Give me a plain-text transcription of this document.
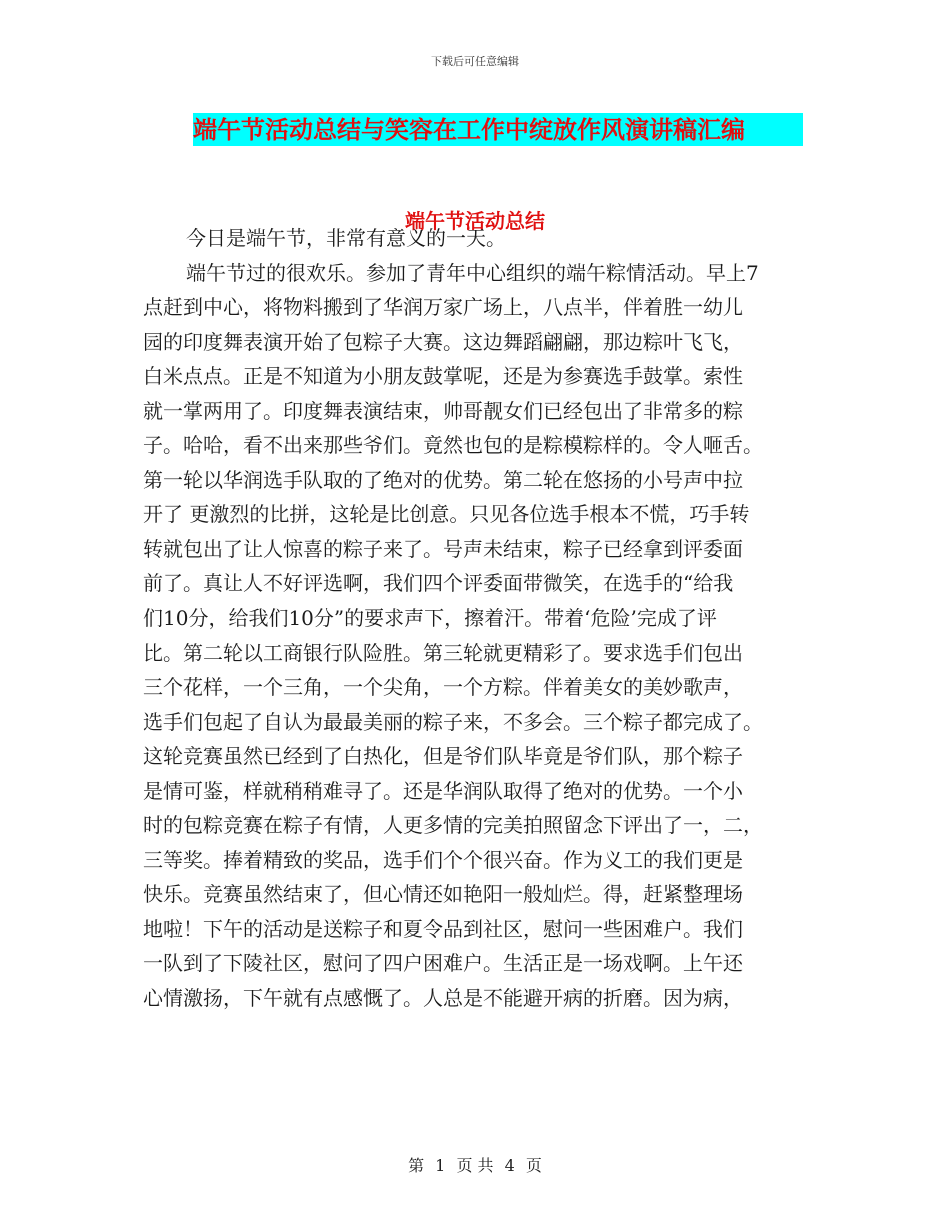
下载后可任意编辑
端午节活动总结与笑容在工作中绽放作风演讲稿汇编
端午节活动总结
今日是端午节，非常有意义的一天。
端午节过的很欢乐。参加了青年中心组织的端午粽情活动。早上7
点赶到中心，将物料搬到了华润万家广场上，八点半，伴着胜一幼儿
园的印度舞表演开始了包粽子大赛。这边舞蹈翩翩，那边粽叶飞飞，
白米点点。正是不知道为小朋友鼓掌呢，还是为参赛选手鼓掌。索性
就一掌两用了。印度舞表演结束，帅哥靓女们已经包出了非常多的粽
子。哈哈，看不出来那些爷们。竟然也包的是粽模粽样的。令人咂舌。
第一轮以华润选手队取的了绝对的优势。第二轮在悠扬的小号声中拉
开了 更激烈的比拼，这轮是比创意。只见各位选手根本不慌，巧手转
转就包出了让人惊喜的粽子来了。号声未结束，粽子已经拿到评委面
前了。真让人不好评选啊，我们四个评委面带微笑，在选手的“给我
们10分，给我们10分”的要求声下，擦着汗。带着‘危险’完成了评
比。第二轮以工商银行队险胜。第三轮就更精彩了。要求选手们包出
三个花样，一个三角，一个尖角，一个方粽。伴着美女的美妙歌声，
选手们包起了自认为最最美丽的粽子来，不多会。三个粽子都完成了。
这轮竞赛虽然已经到了白热化，但是爷们队毕竟是爷们队，那个粽子
是情可鉴，样就稍稍难寻了。还是华润队取得了绝对的优势。一个小
时的包粽竞赛在粽子有情，人更多情的完美拍照留念下评出了一，二，
三等奖。捧着精致的奖品，选手们个个很兴奋。作为义工的我们更是
快乐。竞赛虽然结束了，但心情还如艳阳一般灿烂。得，赶紧整理场
地啦！下午的活动是送粽子和夏令品到社区，慰问一些困难户。我们
一队到了下陵社区，慰问了四户困难户。生活正是一场戏啊。上午还
心情激扬，下午就有点感慨了。人总是不能避开病的折磨。因为病，
第 1 页 共 4 页
